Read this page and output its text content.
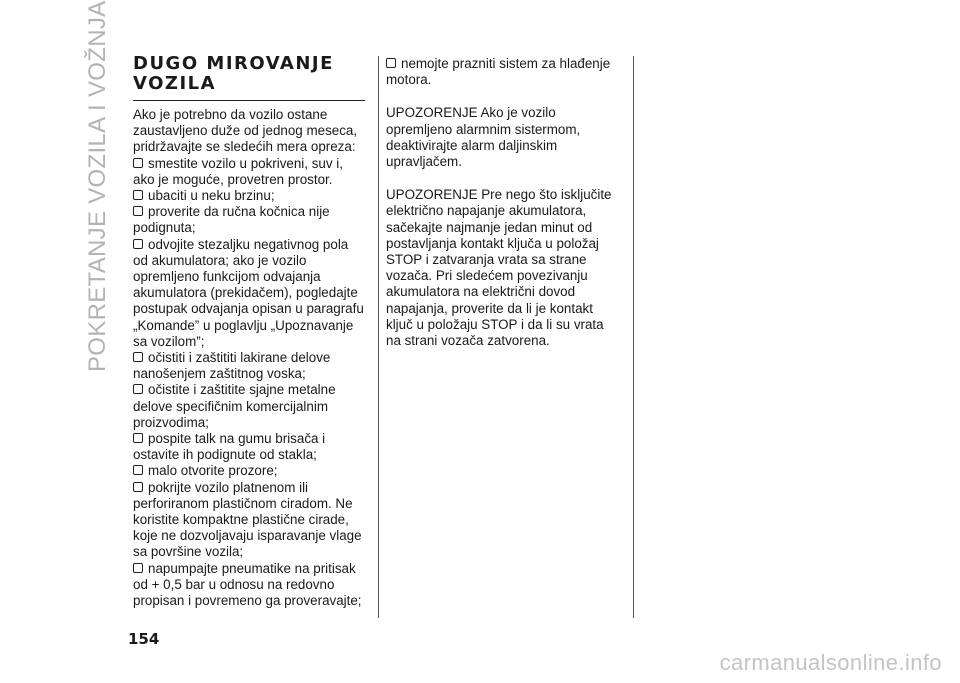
POKRETANJE VOZILA I VOŽNJA DUGO MIROVANJE VOZILA

Ako je potrebno da vozilo ostane zaustavljeno duže od jednog meseca, pridržavajte se sledećih mera opreza:

smestite vozilo u pokriveni, suv i, ako je moguće, provetren prostor.

ubaciti u neku brzinu;

proverite da ručna kočnica nije podignuta;

odvojite stezaljku negativnog pola od akumulatora; ako je vozilo opremljeno funkcijom odvajanja akumulatora (prekidačem), pogledajte postupak odvajanja opisan u paragrafu „Komande” u poglavlju „Upoznavanje sa vozilom”;

očistiti i zaštititi lakirane delove nanošenjem zaštitnog voska;

očistite i zaštitite sjajne metalne delove specifičnim komercijalnim proizvodima;

pospite talk na gumu brisača i ostavite ih podignute od stakla;

malo otvorite prozore;

pokrijte vozilo platnenom ili perforiranom plastičnom ciradom. Ne koristite kompaktne plastične cirade, koje ne dozvoljavaju isparavanje vlage sa površine vozila;

napumpajte pneumatike na pritisak od + 0,5 bar u odnosu na redovno propisan i povremeno ga proveravajte;

nemojte prazniti sistem za hlađenje motora.

UPOZORENJE Ako je vozilo opremljeno alarmnim sistermom, deaktivirajte alarm daljinskim upravljačem.

UPOZORENJE Pre nego što isključite električno napajanje akumulatora, sačekajte najmanje jedan minut od postavljanja kontakt ključa u položaj STOP i zatvaranja vrata sa strane vozača. Pri sledećem povezivanju akumulatora na električni dovod napajanja, proverite da li je kontakt ključ u položaju STOP i da li su vrata na strani vozača zatvorena.

154
carmanualsonline.info
